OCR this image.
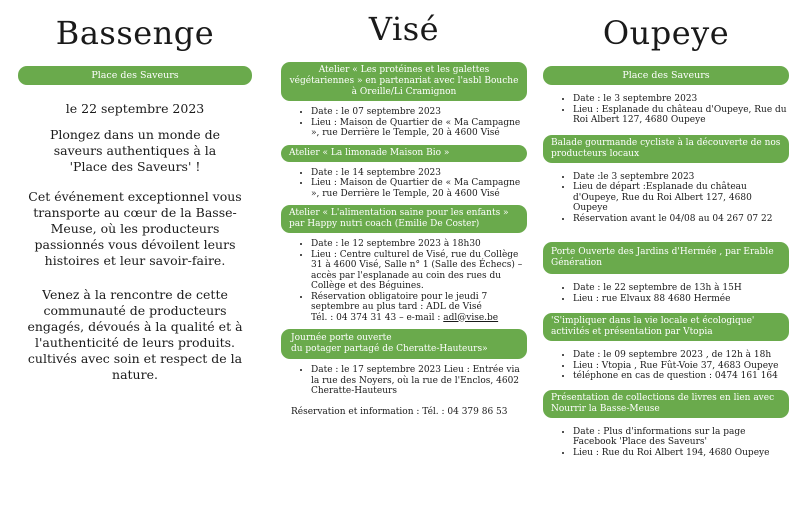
Bassenge
Place des Saveurs

le 22 septembre 2023

Plongez dans un monde de saveurs authentiques à la 'Place des Saveurs' !

Cet événement exceptionnel vous transporte au cœur de la Basse-Meuse, où les producteurs passionnés vous dévoilent leurs histoires et leur savoir-faire.

Venez à la rencontre de cette communauté de producteurs engagés, dévoués à la qualité et à l'authenticité de leurs produits. cultivés avec soin et respect de la nature.

Visé
Atelier « Les protéines et les galettes végétariennes » en partenariat avec l'asbl Bouche à Oreille/Li Cramignon
• Date : le 07 septembre 2023
• Lieu : Maison de Quartier de « Ma Campagne », rue Derrière le Temple, 20 à 4600 Visé
Atelier « La limonade Maison Bio »
• Date : le 14 septembre 2023
• Lieu : Maison de Quartier de « Ma Campagne », rue Derrière le Temple, 20 à 4600 Visé
Atelier « L'alimentation saine pour les enfants » par Happy nutri coach (Emilie De Coster)
• Date : le 12 septembre 2023 à 18h30
• Lieu : Centre culturel de Visé, rue du Collège 31 à 4600 Visé, Salle n° 1 (Salle des Échecs) – accès par l'esplanade au coin des rues du Collège et des Béguines.
• Réservation obligatoire pour le jeudi 7 septembre au plus tard : ADL de Visé
Tél. : 04 374 31 43 – e-mail : adl@vise.be
Journée porte ouverte
du potager partagé de Cheratte-Hauteurs»
• Date : le 17 septembre 2023 Lieu : Entrée via la rue des Noyers, où la rue de l'Enclos, 4602 Cheratte-Hauteurs
Réservation et information : Tél. : 04 379 86 53
Oupeye
Place des Saveurs
• Date : le 3 septembre 2023
• Lieu : Esplanade du château d'Oupeye, Rue du Roi Albert 127, 4680 Oupeye
Balade gourmande cycliste à la découverte de nos producteurs locaux
• Date :le 3 septembre 2023
• Lieu de départ :Esplanade du château d'Oupeye, Rue du Roi Albert 127, 4680 Oupeye
• Réservation avant le 04/08 au 04 267 07 22
Porte Ouverte des Jardins d'Hermée , par Erable Génération
• Date : le 22 septembre de 13h à 15H
• Lieu : rue Elvaux 88 4680 Hermée
'S'impliquer dans la vie locale et écologique' activités et présentation par Vtopia
• Date : le 09 septembre 2023 , de 12h à 18h
• Lieu : Vtopia , Rue Fût-Voie 37, 4683 Oupeye
• téléphone en cas de question : 0474 161 164
Présentation de collections de livres en lien avec Nourrir la Basse-Meuse
• Date : Plus d'informations sur la page Facebook 'Place des Saveurs'
• Lieu : Rue du Roi Albert 194, 4680 Oupeye
